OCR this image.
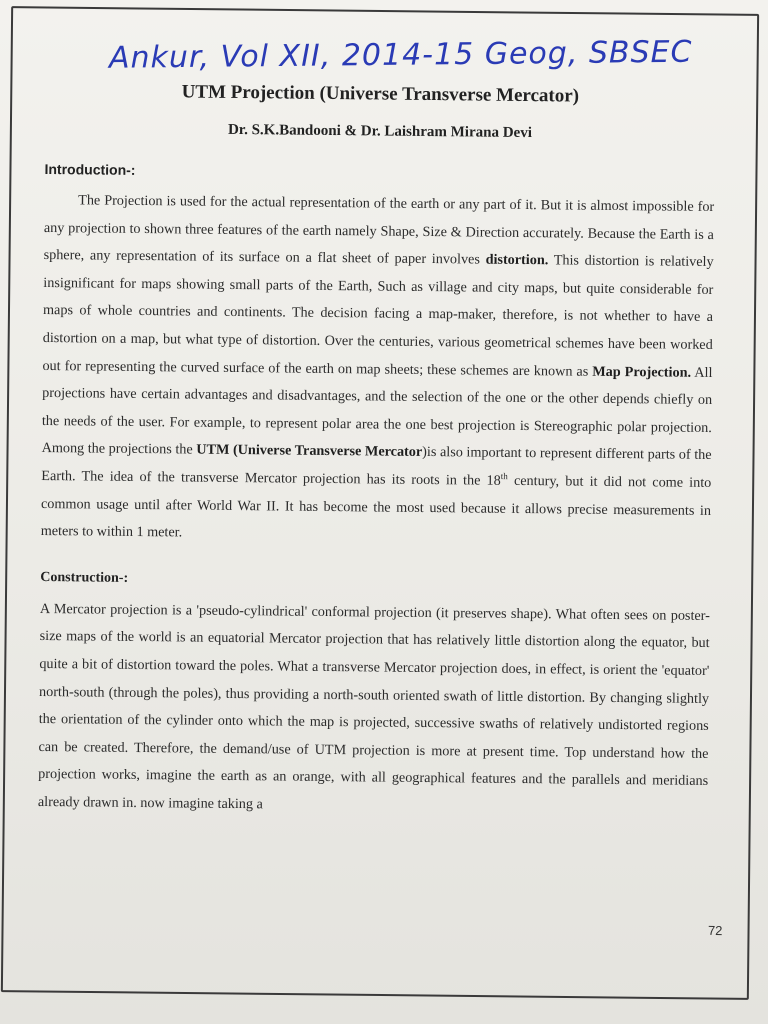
Ankur, Vol XII, 2014-15 Geog, SBSEC
UTM Projection (Universe Transverse Mercator)
Dr. S.K.Bandooni & Dr. Laishram Mirana Devi
Introduction-:

The Projection is used for the actual representation of the earth or any part of it. But it is almost impossible for any projection to shown three features of the earth namely Shape, Size & Direction accurately. Because the Earth is a sphere, any representation of its surface on a flat sheet of paper involves distortion. This distortion is relatively insignificant for maps showing small parts of the Earth, Such as village and city maps, but quite considerable for maps of whole countries and continents. The decision facing a map-maker, therefore, is not whether to have a distortion on a map, but what type of distortion. Over the centuries, various geometrical schemes have been worked out for representing the curved surface of the earth on map sheets; these schemes are known as Map Projection. All projections have certain advantages and disadvantages, and the selection of the one or the other depends chiefly on the needs of the user. For example, to represent polar area the one best projection is Stereographic polar projection. Among the projections the UTM (Universe Transverse Mercator)is also important to represent different parts of the Earth. The idea of the transverse Mercator projection has its roots in the 18th century, but it did not come into common usage until after World War II. It has become the most used because it allows precise measurements in meters to within 1 meter.

Construction-:

A Mercator projection is a 'pseudo-cylindrical' conformal projection (it preserves shape). What often sees on poster-size maps of the world is an equatorial Mercator projection that has relatively little distortion along the equator, but quite a bit of distortion toward the poles. What a transverse Mercator projection does, in effect, is orient the 'equator' north-south (through the poles), thus providing a north-south oriented swath of little distortion. By changing slightly the orientation of the cylinder onto which the map is projected, successive swaths of relatively undistorted regions can be created. Therefore, the demand/use of UTM projection is more at present time. Top understand how the projection works, imagine the earth as an orange, with all geographical features and the parallels and meridians already drawn in. now imagine taking a

72
